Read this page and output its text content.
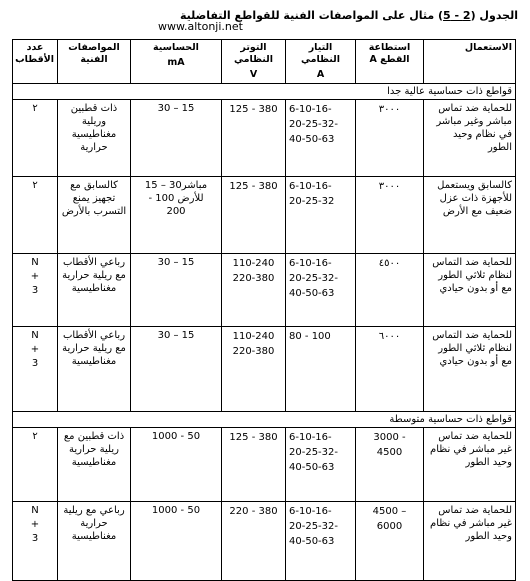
الجدول (2 - 5) مثال على المواصفات الفنية للقواطع التفاضلية
www.altonji.net
الاستعمال	استطاعة القطع A	التيار النظامي
A	التوتر النظامي
V	الحساسية
mA	المواصفات الفنية	عدد الأقطاب
قواطع ذات حساسية عالية جدا						
للحماية ضد تماس مباشر وغير مباشر في نظام وحيد الطور	٣٠٠٠	6-10-16-
20-25-32-
40-50-63	125 - 380	15 – 30	ذات قطبين وريلية مغناطيسية حرارية	٢
كالسابق ويستعمل للأجهزة ذات عزل ضعيف مع الأرض	٣٠٠٠	6-10-16-
20-25-32	125 - 380	مباشر30 – 15
للأرض 100 -
200	كالسابق مع تجهيز يمنع التسرب بالأرض	٢
للحماية ضد التماس لنظام ثلاثي الطور مع أو بدون حيادي	٤٥٠٠	6-10-16-
20-25-32-
40-50-63	110-240
220-380	15 – 30	رباعي الأقطاب مع ريلية حرارية مغناطيسية	N
+
3
للحماية ضد التماس لنظام ثلاثي الطور مع أو بدون حيادي	٦٠٠٠	80 - 100	110-240
220-380	15 – 30	رباعي الأقطاب مع ريلية حرارية مغناطيسية	N
+
3
قواطع ذات حساسية متوسطة						
للحماية ضد تماس غير مباشر في نظام وحيد الطور	3000 -
4500	6-10-16-
20-25-32-
40-50-63	125 - 380	50 - 1000	ذات قطبين مع ريلية حرارية مغناطيسية	٢
للحماية ضد تماس غير مباشر في نظام وحيد الطور	4500 –
6000	6-10-16-
20-25-32-
40-50-63	220 - 380	50 - 1000	رباعي مع ريلية حرارية مغناطيسية	N
+
3
